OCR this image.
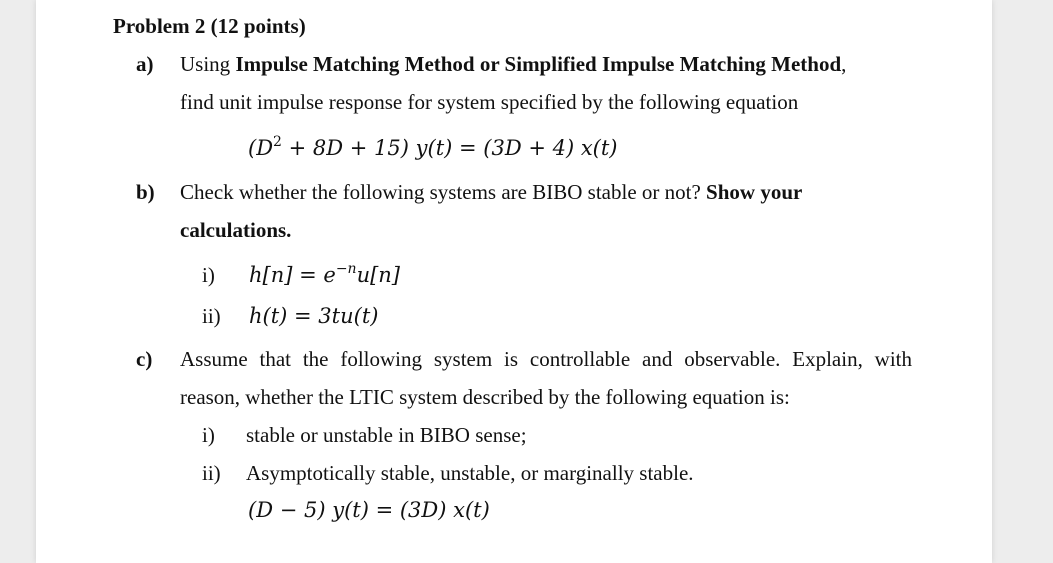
Problem 2 (12 points)
a) Using Impulse Matching Method or Simplified Impulse Matching Method,
find unit impulse response for system specified by the following equation
$(D^2 + 8D + 15) y(t) = (3D + 4)$ x(t)
b) Check whether the following systems are BIBO stable or not? Show your
calculations.
i) $h[n] = e^{-n}u[n]$
ii) h(t) = 3tu(t)
c) Assume that the following system is controllable and observable. Explain, with
reason, whether the LTIC system described by the following equation is:
i) stable or unstable in BIBO sense;
ii) Asymptotically stable, unstable, or marginally stable.
(D − 5) y(t) = (3D) x(t)
